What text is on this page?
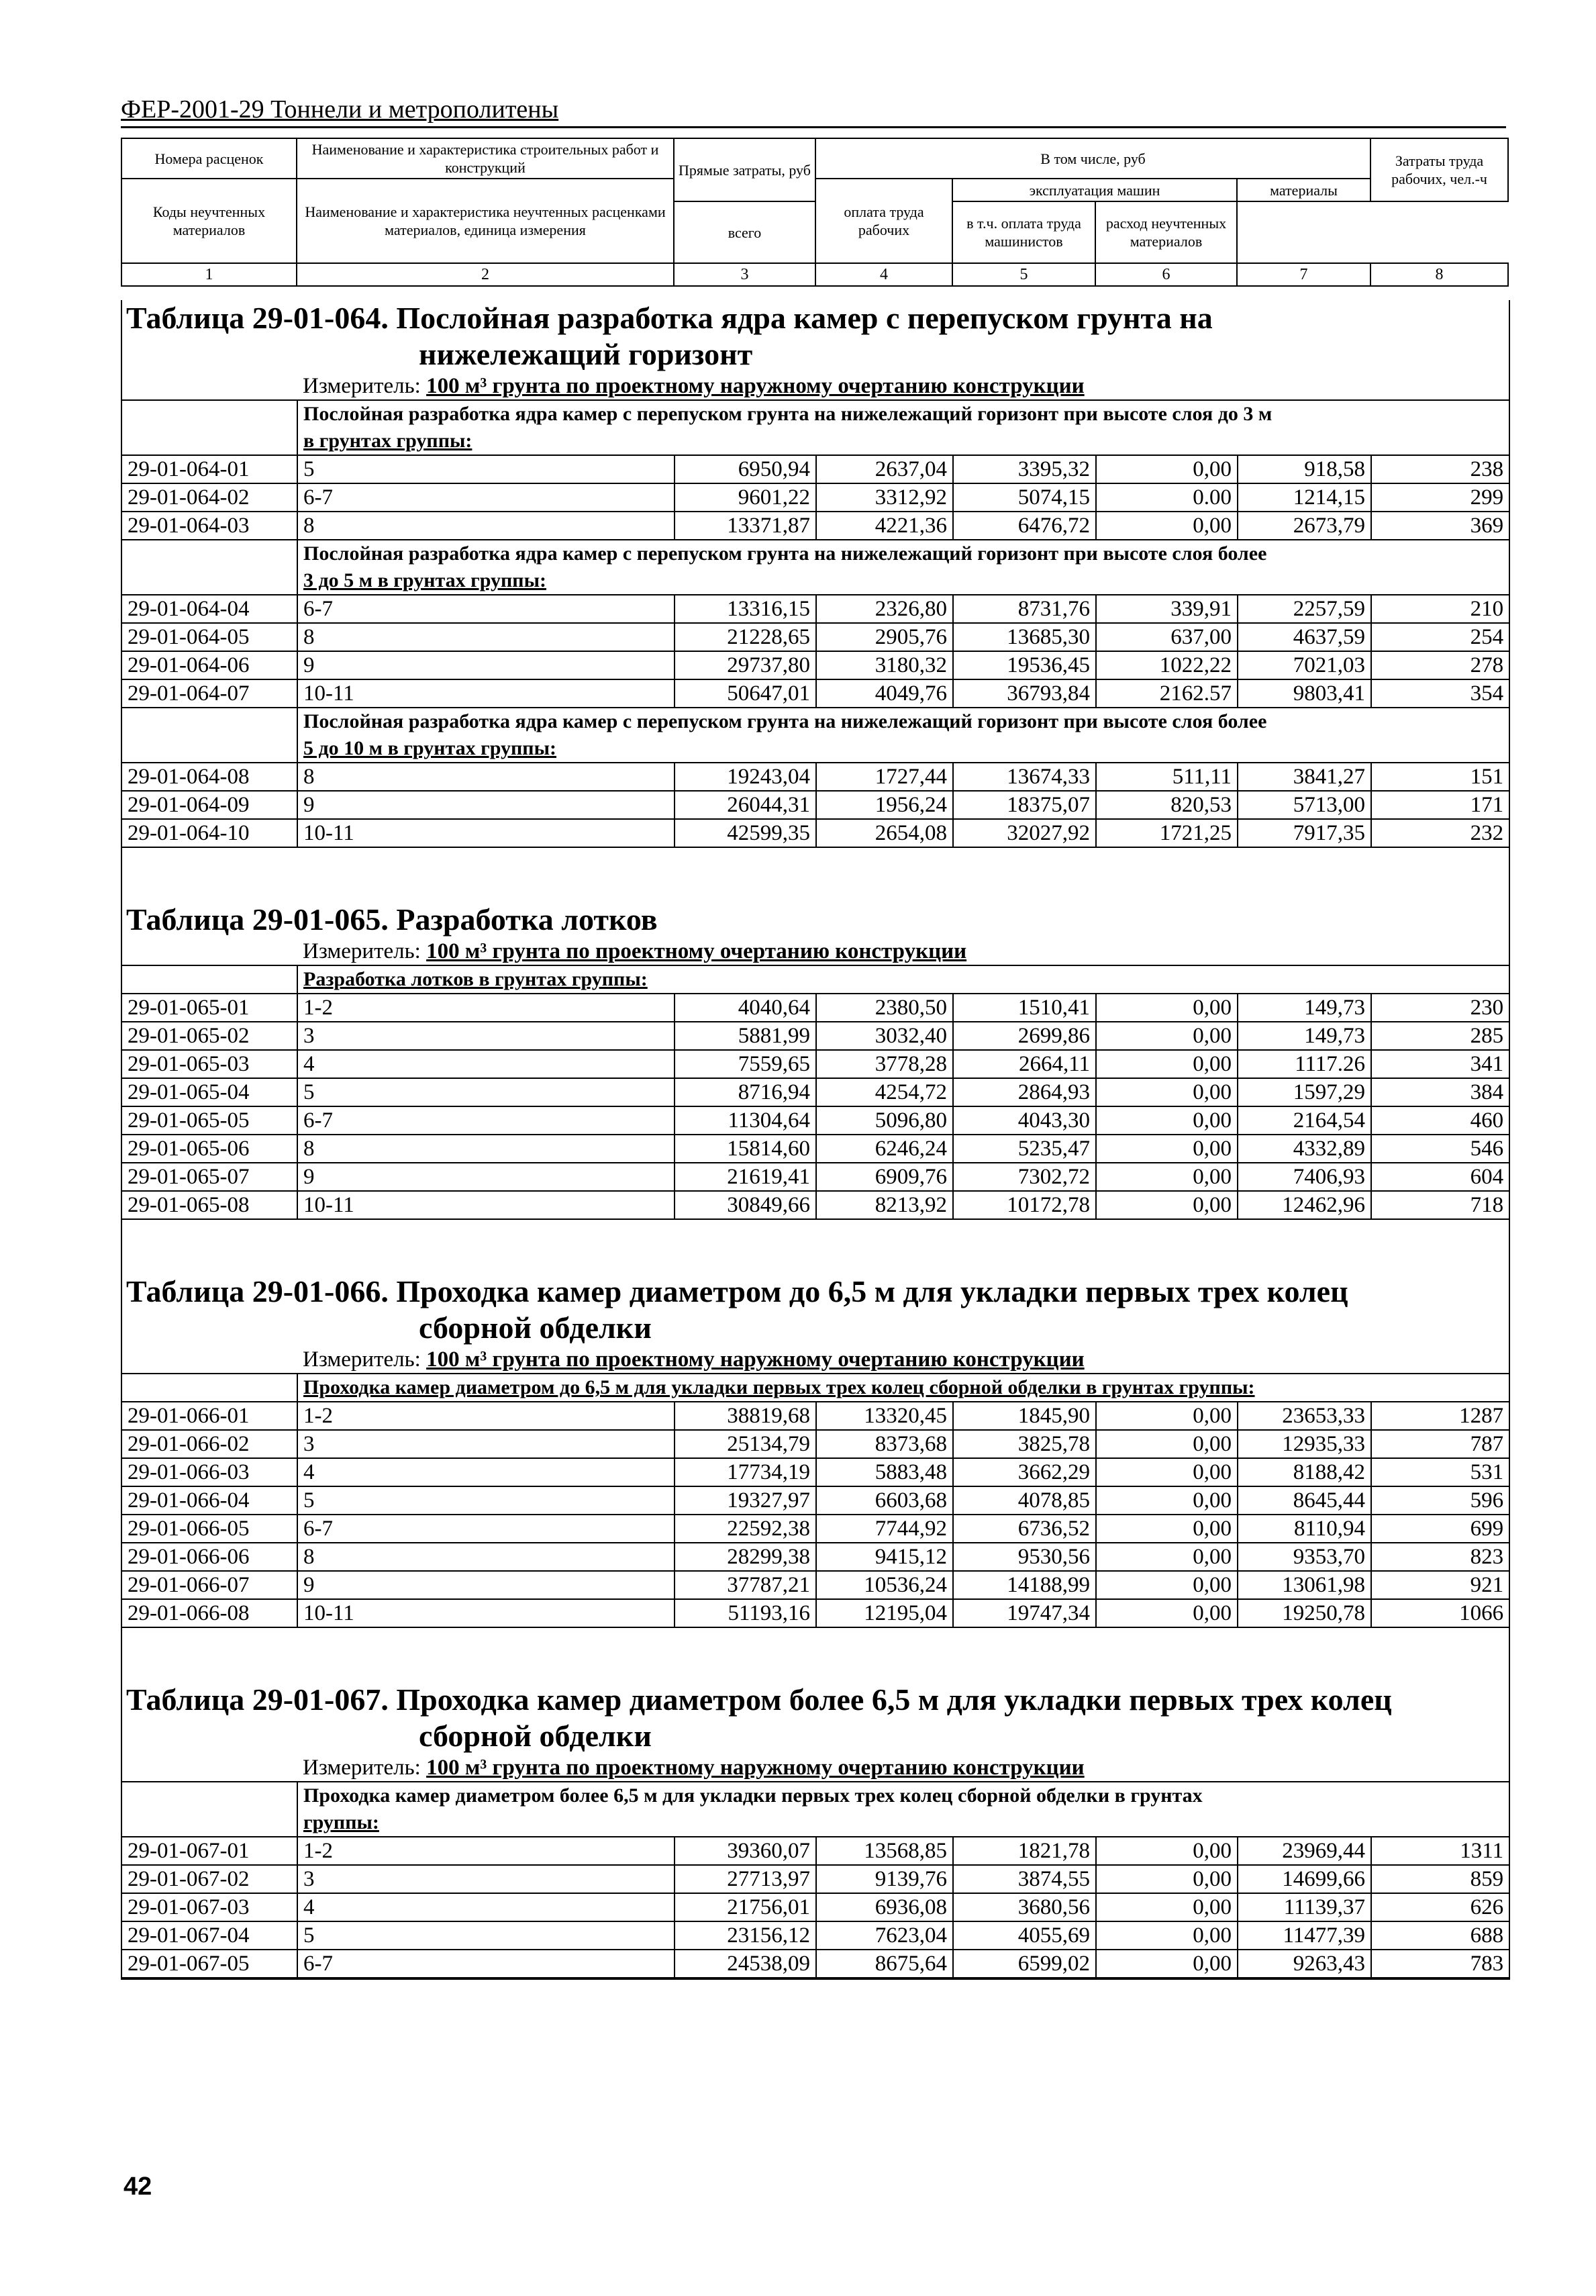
ФЕР-2001-29 Тоннели и метрополитены
Номера расценок	Наименование и характеристика строительных работ и конструкций	Прямые затраты, руб	В том числе, руб				Затраты труда рабочих, чел.-ч
Коды неучтенных материалов	Наименование и характеристика неучтенных расценками материалов, единица измерения		оплата труда рабочих	эксплуатация машин		материалы	
		всего		в т.ч. оплата труда машинистов	расход неучтенных материалов		
1	2	3	4	5	6	7	8
Таблица 29-01-064. Послойная разработка ядра камер с перепуском грунта на
нижележащий горизонт
	Измеритель: 100 м³ грунта по проектному наружному очертанию конструкции						

	Послойная разработка ядра камер с перепуском грунта на нижележащий горизонт при высоте слоя до 3 м
в грунтах группы:						

29-01-064-01	5	6950,94	2637,04	3395,32	0,00	918,58	238
29-01-064-02	6-7	9601,22	3312,92	5074,15	0.00	1214,15	299
29-01-064-03	8	13371,87	4221,36	6476,72	0,00	2673,79	369

	Послойная разработка ядра камер с перепуском грунта на нижележащий горизонт при высоте слоя более
3 до 5 м в грунтах группы:						

29-01-064-04	6-7	13316,15	2326,80	8731,76	339,91	2257,59	210
29-01-064-05	8	21228,65	2905,76	13685,30	637,00	4637,59	254
29-01-064-06	9	29737,80	3180,32	19536,45	1022,22	7021,03	278
29-01-064-07	10-11	50647,01	4049,76	36793,84	2162.57	9803,41	354

	Послойная разработка ядра камер с перепуском грунта на нижележащий горизонт при высоте слоя более
5 до 10 м в грунтах группы:						

29-01-064-08	8	19243,04	1727,44	13674,33	511,11	3841,27	151
29-01-064-09	9	26044,31	1956,24	18375,07	820,53	5713,00	171
29-01-064-10	10-11	42599,35	2654,08	32027,92	1721,25	7917,35	232
Таблица 29-01-065. Разработка лотков
	Измеритель: 100 м³ грунта по проектному очертанию конструкции						

	Разработка лотков в грунтах группы:						

29-01-065-01	1-2	4040,64	2380,50	1510,41	0,00	149,73	230
29-01-065-02	3	5881,99	3032,40	2699,86	0,00	149,73	285
29-01-065-03	4	7559,65	3778,28	2664,11	0,00	1117.26	341
29-01-065-04	5	8716,94	4254,72	2864,93	0,00	1597,29	384
29-01-065-05	6-7	11304,64	5096,80	4043,30	0,00	2164,54	460
29-01-065-06	8	15814,60	6246,24	5235,47	0,00	4332,89	546
29-01-065-07	9	21619,41	6909,76	7302,72	0,00	7406,93	604
29-01-065-08	10-11	30849,66	8213,92	10172,78	0,00	12462,96	718
Таблица 29-01-066. Проходка камер диаметром до 6,5 м для укладки первых трех колец
сборной обделки
	Измеритель: 100 м³ грунта по проектному наружному очертанию конструкции						

	Проходка камер диаметром до 6,5 м для укладки первых трех колец сборной обделки в грунтах группы:						

29-01-066-01	1-2	38819,68	13320,45	1845,90	0,00	23653,33	1287
29-01-066-02	3	25134,79	8373,68	3825,78	0,00	12935,33	787
29-01-066-03	4	17734,19	5883,48	3662,29	0,00	8188,42	531
29-01-066-04	5	19327,97	6603,68	4078,85	0,00	8645,44	596
29-01-066-05	6-7	22592,38	7744,92	6736,52	0,00	8110,94	699
29-01-066-06	8	28299,38	9415,12	9530,56	0,00	9353,70	823
29-01-066-07	9	37787,21	10536,24	14188,99	0,00	13061,98	921
29-01-066-08	10-11	51193,16	12195,04	19747,34	0,00	19250,78	1066
Таблица 29-01-067. Проходка камер диаметром более 6,5 м для укладки первых трех колец
сборной обделки
	Измеритель: 100 м³ грунта по проектному наружному очертанию конструкции						

	Проходка камер диаметром более 6,5 м для укладки первых трех колец сборной обделки в грунтах
группы:						

29-01-067-01	1-2	39360,07	13568,85	1821,78	0,00	23969,44	1311
29-01-067-02	3	27713,97	9139,76	3874,55	0,00	14699,66	859
29-01-067-03	4	21756,01	6936,08	3680,56	0,00	11139,37	626
29-01-067-04	5	23156,12	7623,04	4055,69	0,00	11477,39	688
29-01-067-05	6-7	24538,09	8675,64	6599,02	0,00	9263,43	783
42
